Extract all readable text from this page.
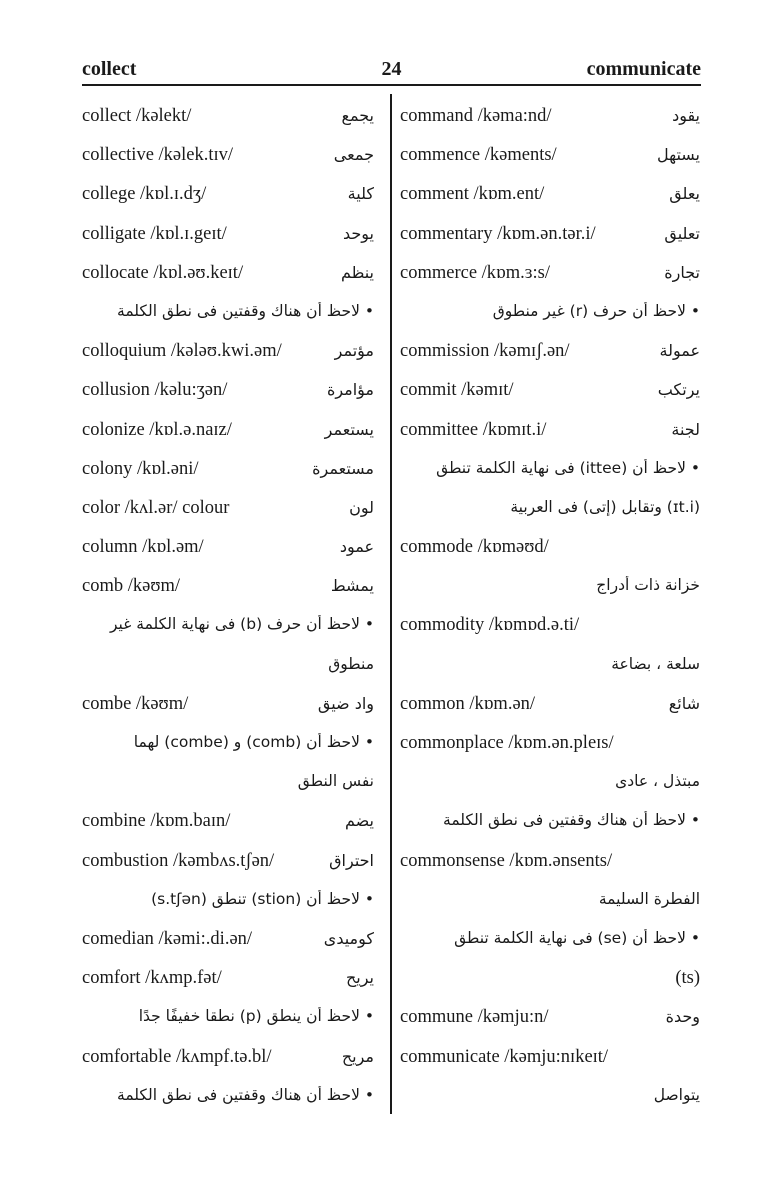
24
collect	communicate
collect /kəlekt/	يجمع
collective /kəlek.tɪv/	جمعى
college /kɒl.ɪ.dʒ/	كلية
colligate /kɒl.ɪ.geɪt/	يوحد
collocate /kɒl.əʊ.keɪt/	ينظم
• لاحظ أن هناك وقفتين فى نطق الكلمة
colloquium /kələʊ.kwi.əm/	مؤتمر
collusion /kəlu:ʒən/	مؤامرة
colonize /kɒl.ə.naɪz/	يستعمر
colony /kɒl.əni/	مستعمرة
color /kʌl.ər/ colour	لون
column /kɒl.əm/	عمود
comb /kəʊm/	يمشط
• لاحظ أن حرف (b) فى نهاية الكلمة غير
منطوق
combe /kəʊm/	واد ضيق
• لاحظ أن (comb) و (combe) لهما
نفس النطق
combine /kɒm.baɪn/	يضم
combustion /kəmbʌs.tʃən/	احتراق
• لاحظ أن (stion) تنطق (s.tʃən)
comedian /kəmi:.di.ən/	كوميدى
comfort /kʌmp.fət/	يريح
• لاحظ أن ينطق (p) نطقا خفيفًا جدًا
comfortable /kʌmpf.tə.bl/	مريح
• لاحظ أن هناك وقفتين فى نطق الكلمة
command /kəma:nd/	يقود
commence /kəments/	يستهل
comment /kɒm.ent/	يعلق
commentary /kɒm.ən.tər.i/	تعليق
commerce /kɒm.ɜ:s/	تجارة
• لاحظ أن حرف (r) غير منطوق
commission /kəmɪʃ.ən/	عمولة
commit /kəmɪt/	يرتكب
committee /kɒmɪt.i/	لجنة
• لاحظ أن (ittee) فى نهاية الكلمة تنطق
(ɪt.i) وتقابل (إتى) فى العربية
commode /kɒməʊd/
خزانة ذات أدراج
commodity /kɒmɒd.ə.ti/
سلعة ، بضاعة
common /kɒm.ən/	شائع
commonplace /kɒm.ən.pleɪs/
مبتذل ، عادى
• لاحظ أن هناك وقفتين فى نطق الكلمة
commonsense /kɒm.ənsents/
الفطرة السليمة
• لاحظ أن (se) فى نهاية الكلمة تنطق
(ts)
commune /kəmju:n/	وحدة
communicate /kəmju:nɪkeɪt/
يتواصل
